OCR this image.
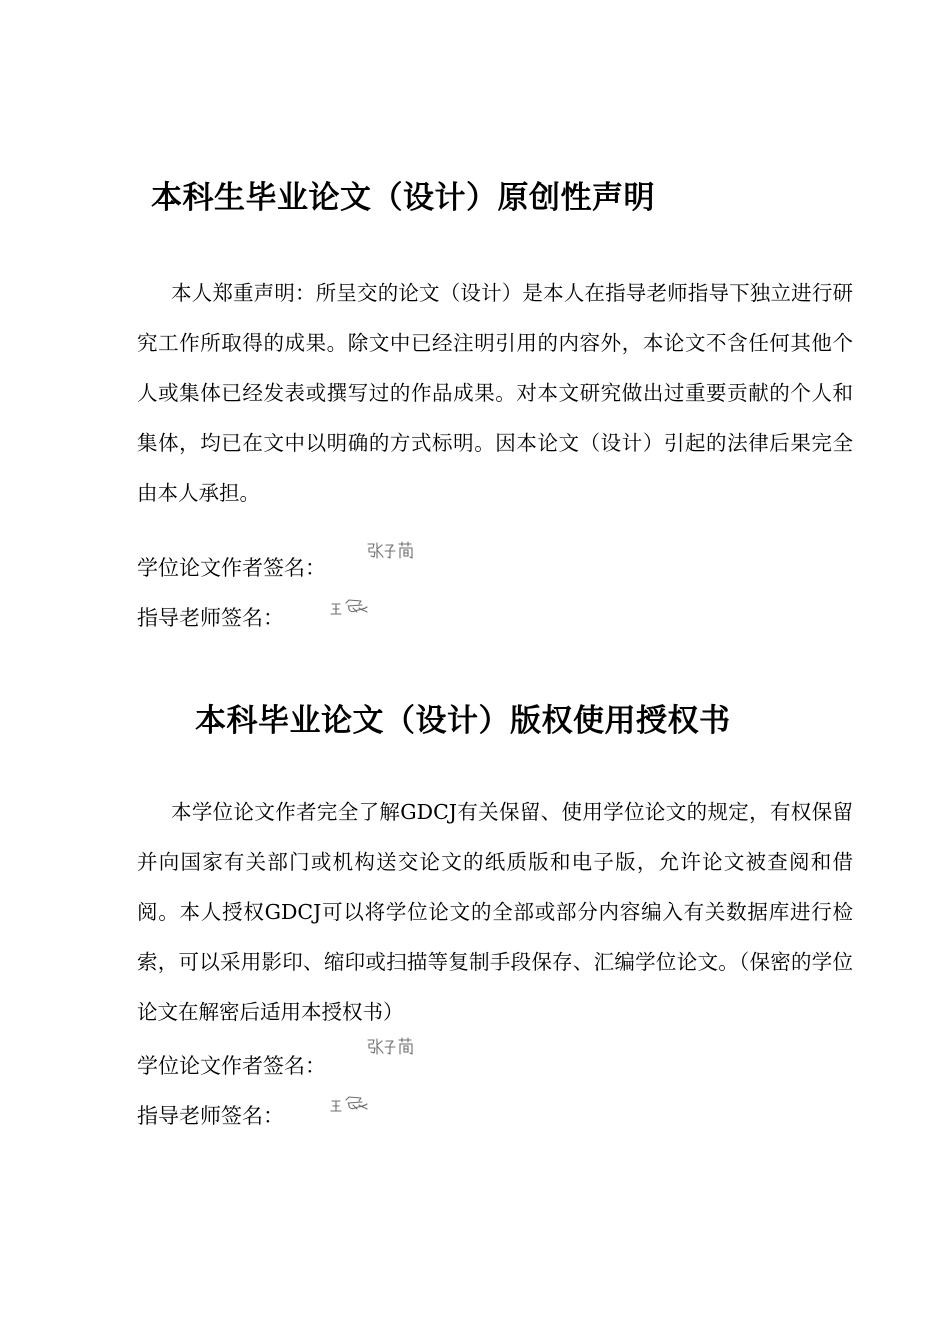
本科生毕业论文（设计）原创性声明

本人郑重声明：所呈交的论文（设计）是本人在指导老师指导下独立进行研究工作所取得的成果。除文中已经注明引用的内容外，本论文不含任何其他个人或集体已经发表或撰写过的作品成果。对本文研究做出过重要贡献的个人和集体，均已在文中以明确的方式标明。因本论文（设计）引起的法律后果完全由本人承担。

学位论文作者签名：

指导老师签名：

本科毕业论文（设计）版权使用授权书

本学位论文作者完全了解GDCJ有关保留、使用学位论文的规定，有权保留并向国家有关部门或机构送交论文的纸质版和电子版，允许论文被查阅和借阅。本人授权GDCJ可以将学位论文的全部或部分内容编入有关数据库进行检索，可以采用影印、缩印或扫描等复制手段保存、汇编学位论文。（保密的学位论文在解密后适用本授权书）

学位论文作者签名：

指导老师签名：
